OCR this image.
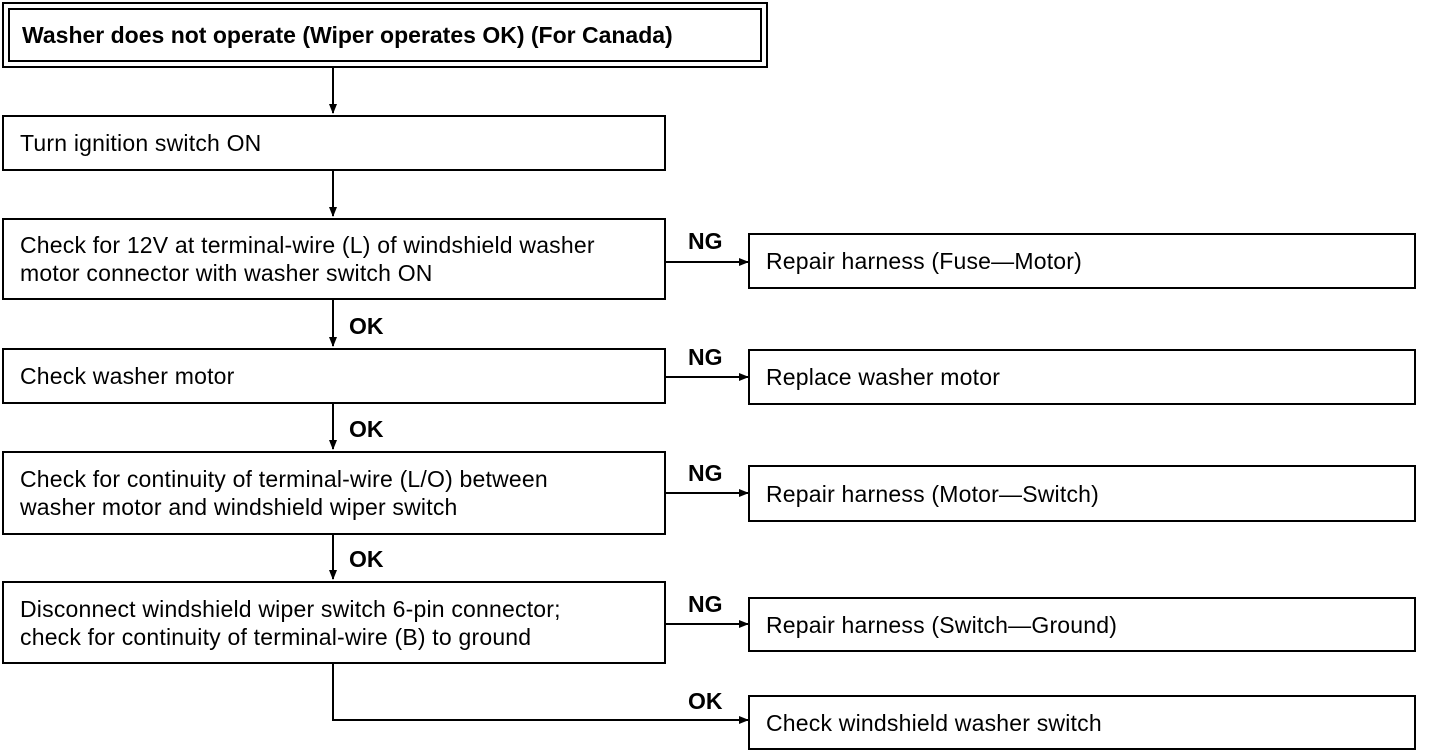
Washer does not operate (Wiper operates OK) (For Canada)
Turn ignition switch ON
Check for 12V at terminal-wire (L) of windshield washer
motor connector with washer switch ON
Check washer motor
Check for continuity of terminal-wire (L/O) between
washer motor and windshield wiper switch
Disconnect windshield wiper switch 6-pin connector;
check for continuity of terminal-wire (B) to ground
Repair harness (Fuse—Motor)
Replace washer motor
Repair harness (Motor—Switch)
Repair harness (Switch—Ground)
Check windshield washer switch
OK
OK
OK
OK
NG
NG
NG
NG
